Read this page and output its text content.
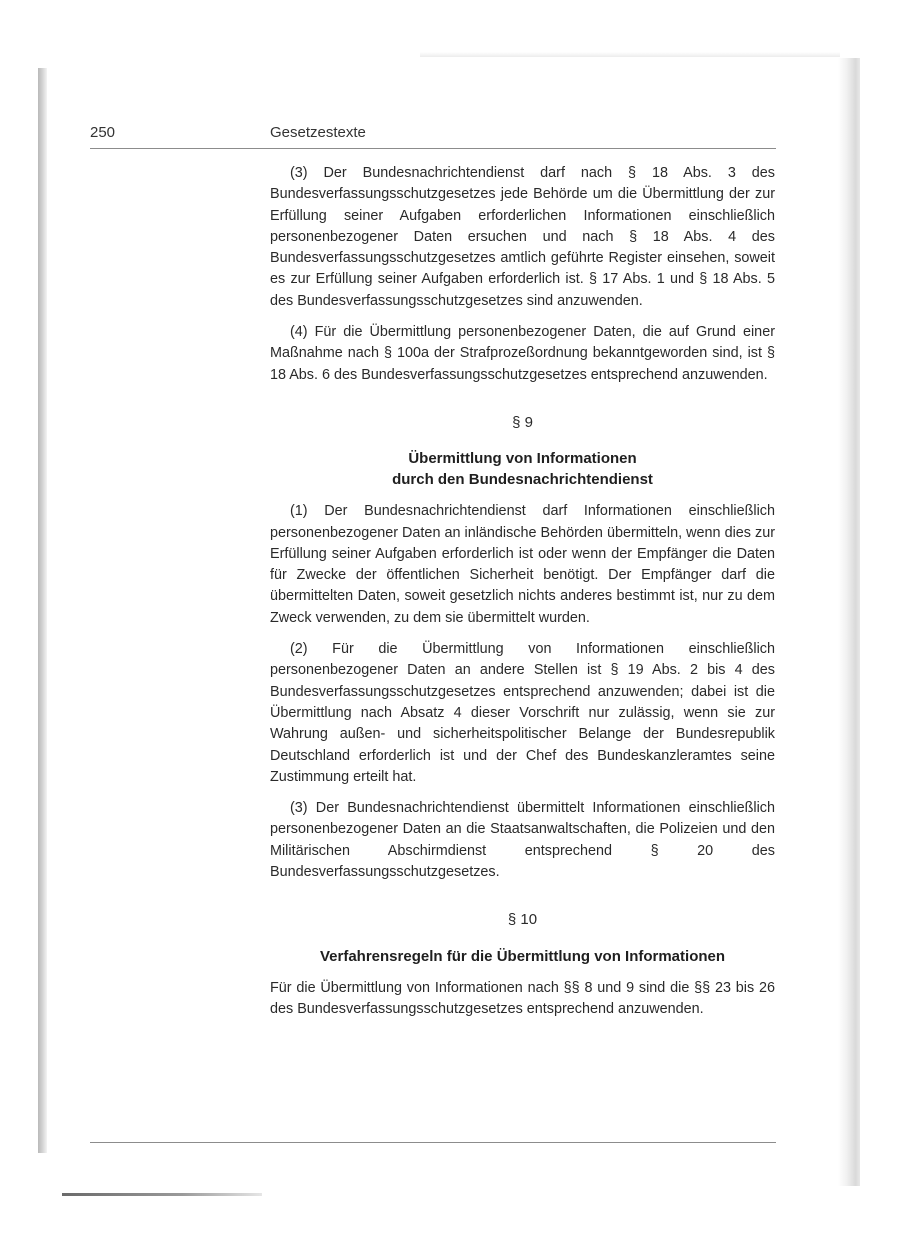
250	Gesetzestexte

(3) Der Bundesnachrichtendienst darf nach § 18 Abs. 3 des Bundesverfassungsschutzgesetzes jede Behörde um die Übermittlung der zur Erfüllung seiner Aufgaben erforderlichen Informationen einschließlich personenbezogener Daten ersuchen und nach § 18 Abs. 4 des Bundesverfassungsschutzgesetzes amtlich geführte Register einsehen, soweit es zur Erfüllung seiner Aufgaben erforderlich ist. § 17 Abs. 1 und § 18 Abs. 5 des Bundesverfassungsschutzgesetzes sind anzuwenden.

(4) Für die Übermittlung personenbezogener Daten, die auf Grund einer Maßnahme nach § 100a der Strafprozeßordnung bekanntgeworden sind, ist § 18 Abs. 6 des Bundesverfassungsschutzgesetzes entsprechend anzuwenden.

§ 9
Übermittlung von Informationen
durch den Bundesnachrichtendienst

(1) Der Bundesnachrichtendienst darf Informationen einschließlich personenbezogener Daten an inländische Behörden übermitteln, wenn dies zur Erfüllung seiner Aufgaben erforderlich ist oder wenn der Empfänger die Daten für Zwecke der öffentlichen Sicherheit benötigt. Der Empfänger darf die übermittelten Daten, soweit gesetzlich nichts anderes bestimmt ist, nur zu dem Zweck verwenden, zu dem sie übermittelt wurden.

(2) Für die Übermittlung von Informationen einschließlich personenbezogener Daten an andere Stellen ist § 19 Abs. 2 bis 4 des Bundesverfassungsschutzgesetzes entsprechend anzuwenden; dabei ist die Übermittlung nach Absatz 4 dieser Vorschrift nur zulässig, wenn sie zur Wahrung außen- und sicherheitspolitischer Belange der Bundesrepublik Deutschland erforderlich ist und der Chef des Bundeskanzleramtes seine Zustimmung erteilt hat.

(3) Der Bundesnachrichtendienst übermittelt Informationen einschließlich personenbezogener Daten an die Staatsanwaltschaften, die Polizeien und den Militärischen Abschirmdienst entsprechend § 20 des Bundesverfassungsschutzgesetzes.

§ 10
Verfahrensregeln für die Übermittlung von Informationen

Für die Übermittlung von Informationen nach §§ 8 und 9 sind die §§ 23 bis 26 des Bundesverfassungsschutzgesetzes entsprechend anzuwenden.
